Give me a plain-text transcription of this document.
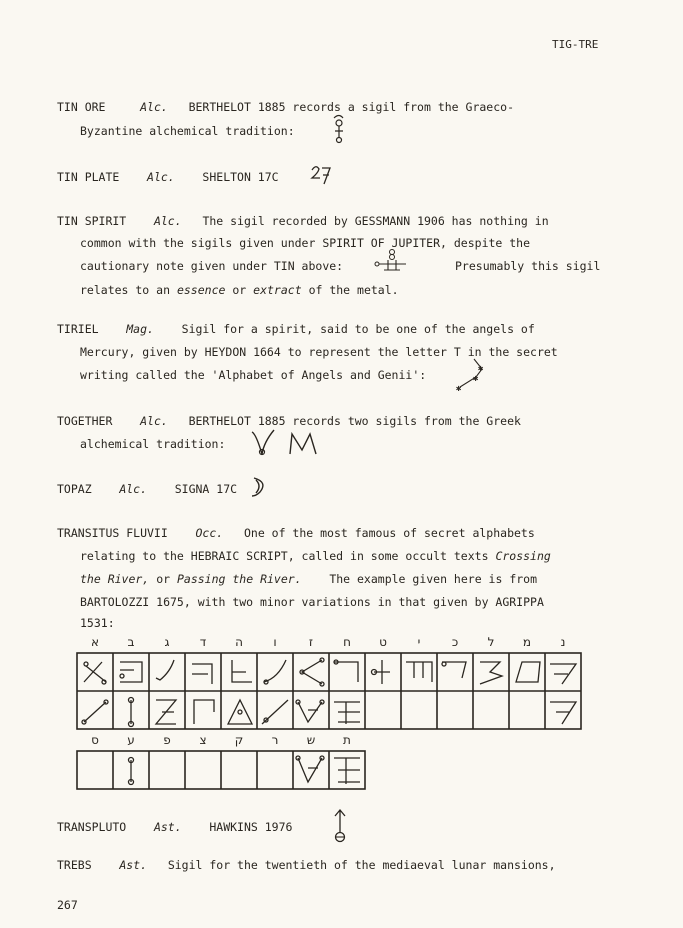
TIG-TRE
TIN ORE	Alc. BERTHELOT 1885 records a sigil from the Graeco-
Byzantine alchemical tradition:
TIN PLATE Alc. SHELTON 17C
TIN SPIRIT Alc. The sigil recorded by GESSMANN 1906 has nothing in
common with the sigils given under SPIRIT OF JUPITER, despite the
cautionary note given under TIN above:	Presumably this sigil
relates to an essence or extract of the metal.
TIRIEL Mag. Sigil for a spirit, said to be one of the angels of
Mercury, given by HEYDON 1664 to represent the letter T in the secret
writing called the 'Alphabet of Angels and Genii':	✱
✱
✱
TOGETHER Alc. BERTHELOT 1885 records two sigils from the Greek
alchemical tradition:
TOPAZ Alc. SIGNA 17C
TRANSITUS FLUVII Occ. One of the most famous of secret alphabets
relating to the HEBRAIC SCRIPT, called in some occult texts Crossing
the River, or Passing the River. The example given here is from
BARTOLOZZI 1675, with two minor variations in that given by AGRIPPA
1531:
א	ב	ג	ד	ה	ו	ז	ח	ט	י	כ	ל	מ	נ
ס	ע	פ	צ	ק	ר	ש	ת
TRANSPLUTO Ast. HAWKINS 1976
TREBS Ast. Sigil for the twentieth of the mediaeval lunar mansions,
267
